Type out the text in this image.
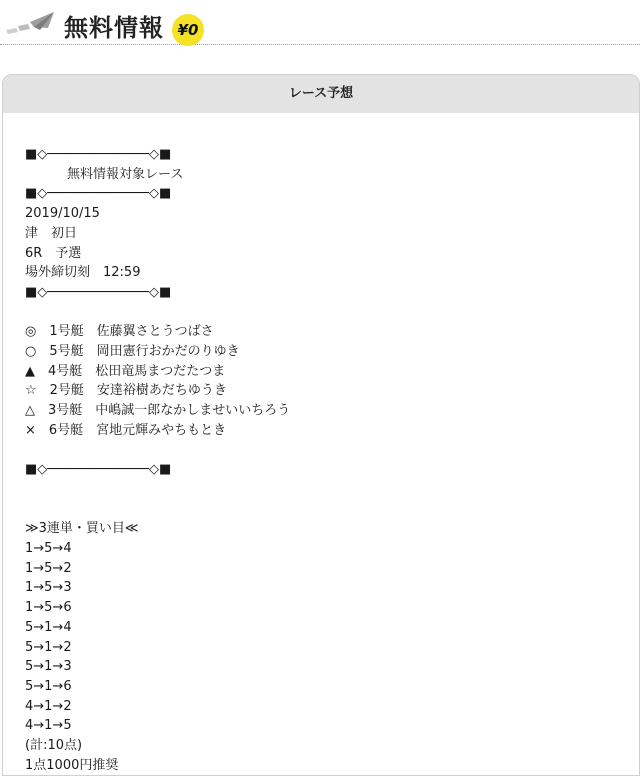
無料情報 ¥0
レース予想
■◇─────────────◇■
無料情報対象レース
■◇─────────────◇■
2019/10/15
津　初日
6R　予選
場外締切刻　12:59
■◇─────────────◇■
◎　1号艇　佐藤翼さとうつばさ
○　5号艇　岡田憲行おかだのりゆき
▲　4号艇　松田竜馬まつだたつま
☆　2号艇　安達裕樹あだちゆうき
△　3号艇　中嶋誠一郎なかしませいいちろう
×　6号艇　宮地元輝みやちもとき
■◇─────────────◇■
≫3連単・買い目≪
1→5→4
1→5→2
1→5→3
1→5→6
5→1→4
5→1→2
5→1→3
5→1→6
4→1→2
4→1→5
(計:10点)
1点1000円推奨
